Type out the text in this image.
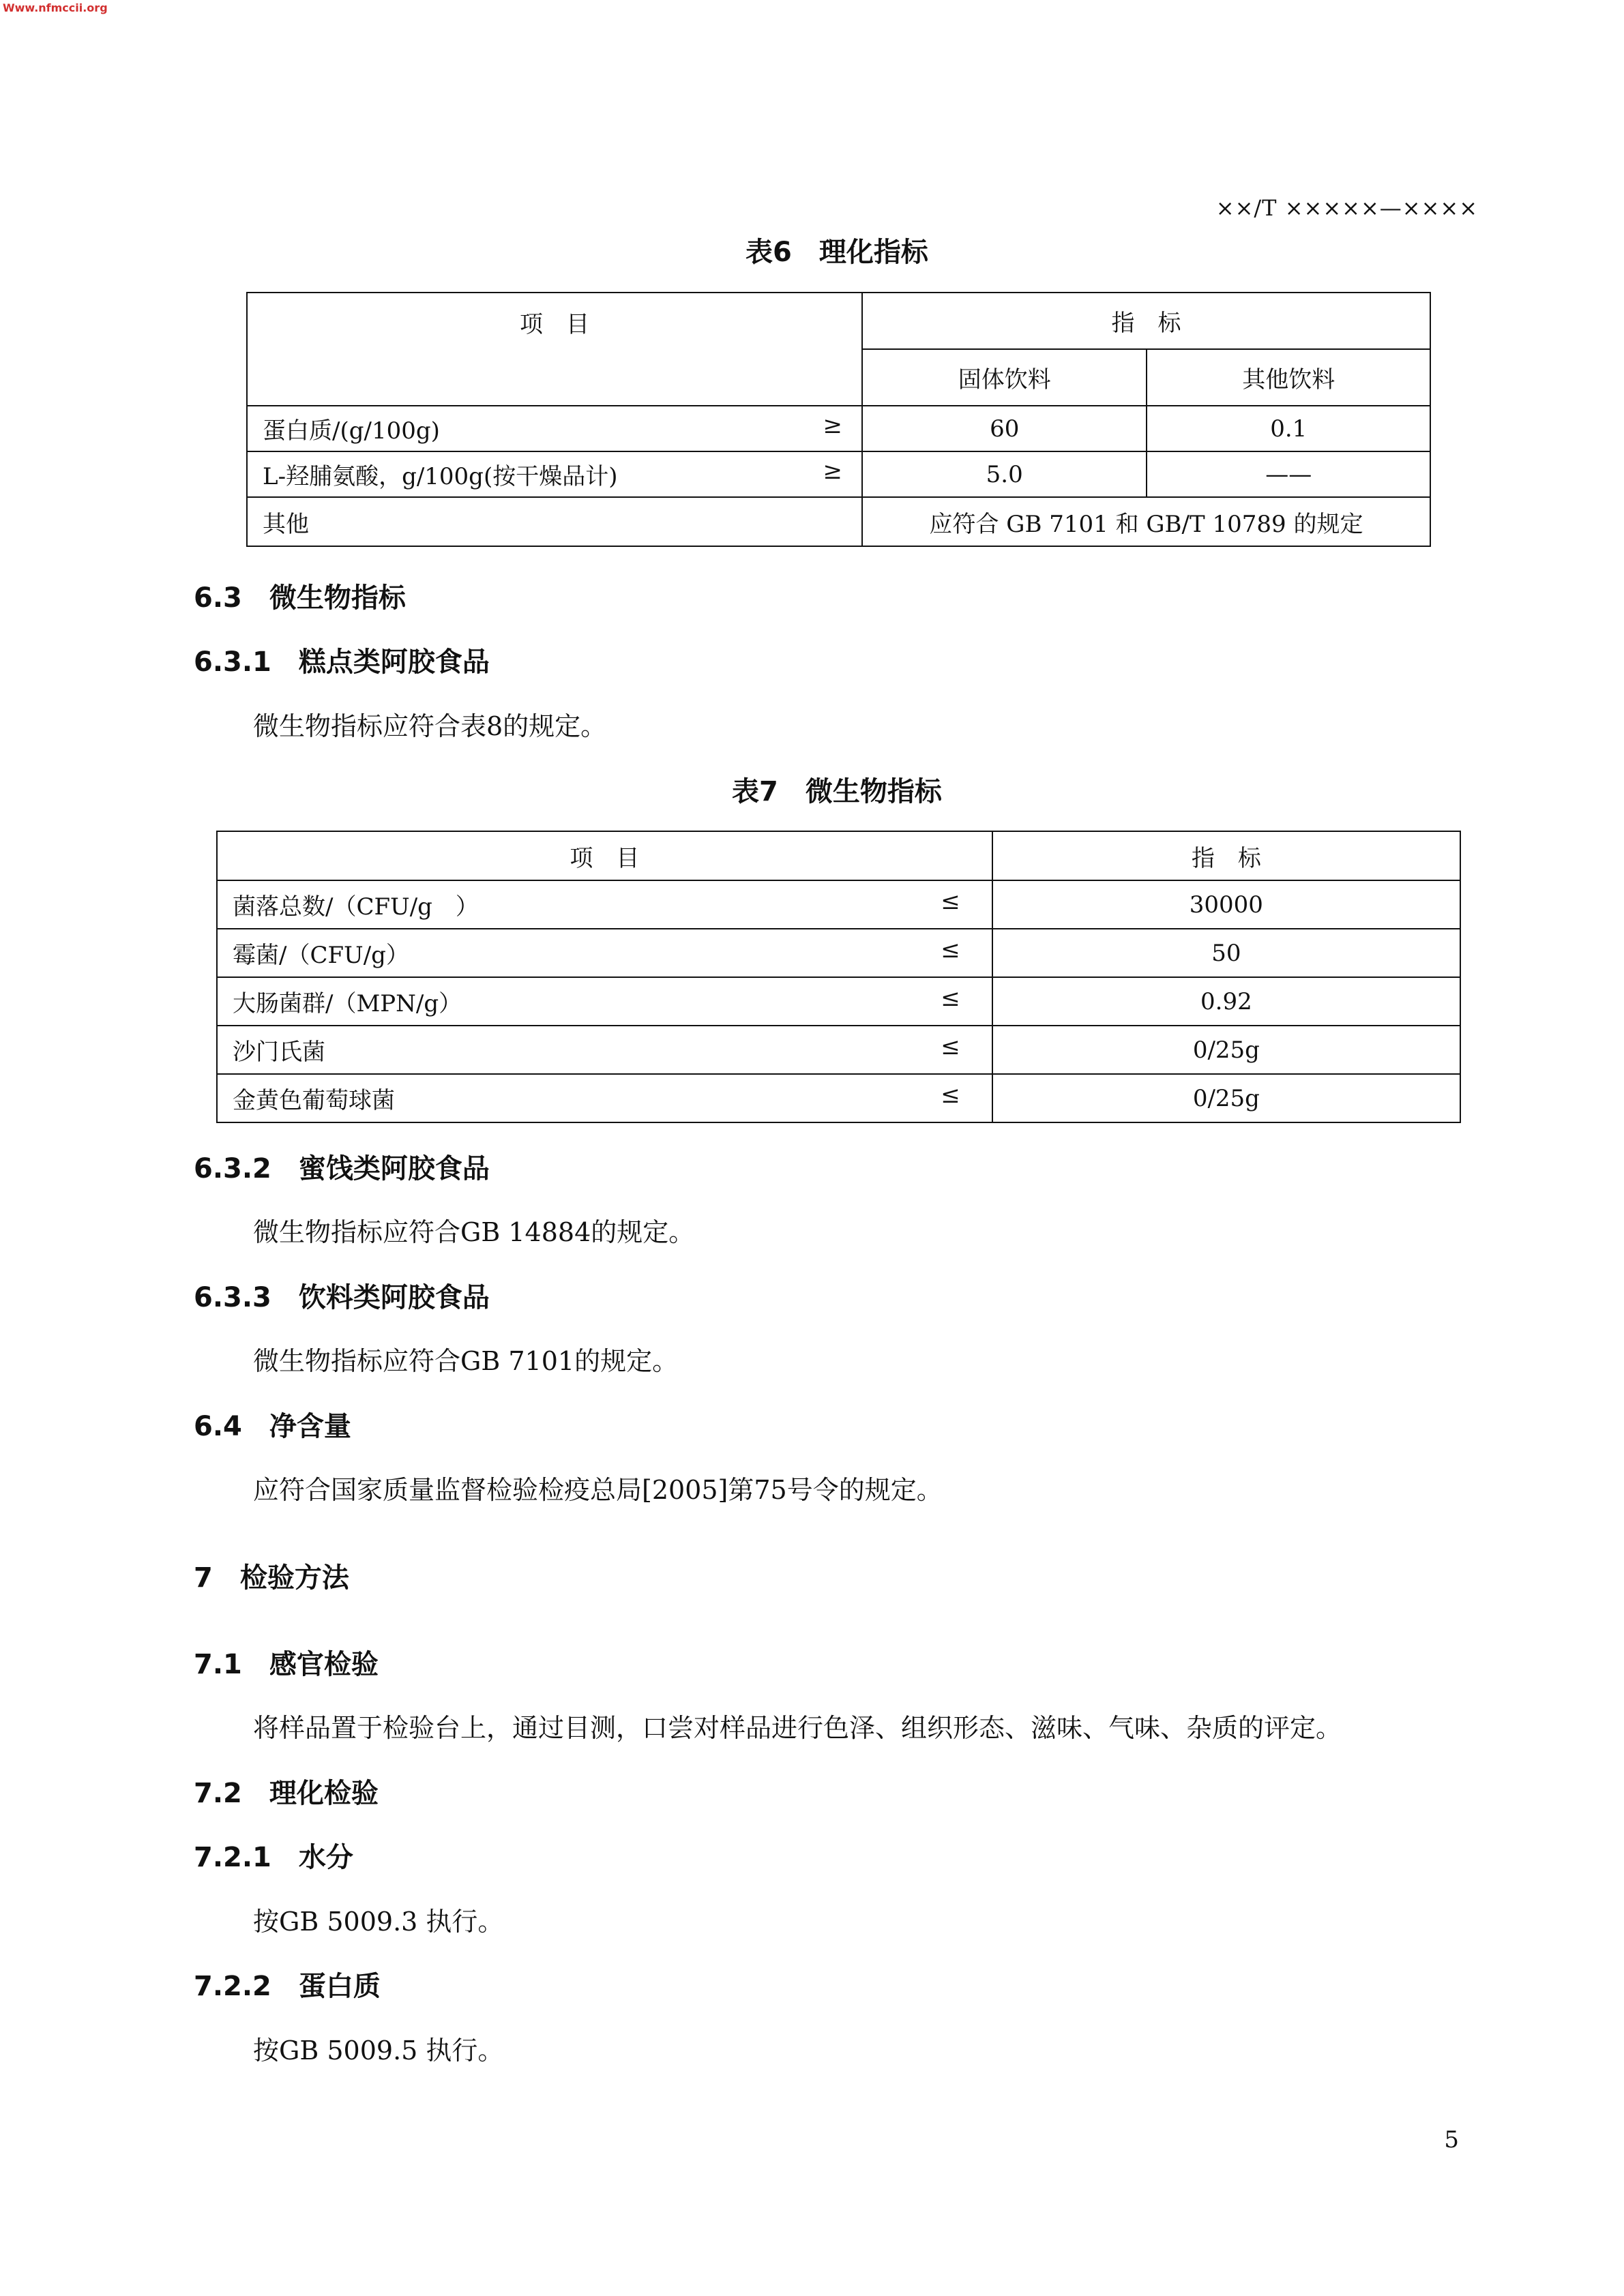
Www.nfmccii.org
××/T ×××××—××××
表6　理化指标
项　目	指　标	
	固体饮料	其他饮料
蛋白质/(g/100g) ≥	60	0.1
L-羟脯氨酸，g/100g(按干燥品计) ≥	5.0	——
其他	应符合 GB 7101 和 GB/T 10789 的规定	
6.3　微生物指标
6.3.1　糕点类阿胶食品
微生物指标应符合表8的规定。
表7　微生物指标
项　目	指　标
菌落总数/（CFU/g　） ≤	30000
霉菌/（CFU/g） ≤	50
大肠菌群/（MPN/g） ≤	0.92
沙门氏菌 ≤	0/25g
金黄色葡萄球菌 ≤	0/25g
6.3.2　蜜饯类阿胶食品
微生物指标应符合GB 14884的规定。
6.3.3　饮料类阿胶食品
微生物指标应符合GB 7101的规定。
6.4　净含量
应符合国家质量监督检验检疫总局[2005]第75号令的规定。
7　检验方法
7.1　感官检验
将样品置于检验台上，通过目测，口尝对样品进行色泽、组织形态、滋味、气味、杂质的评定。
7.2　理化检验
7.2.1　水分
按GB 5009.3 执行。
7.2.2　蛋白质
按GB 5009.5 执行。
5
